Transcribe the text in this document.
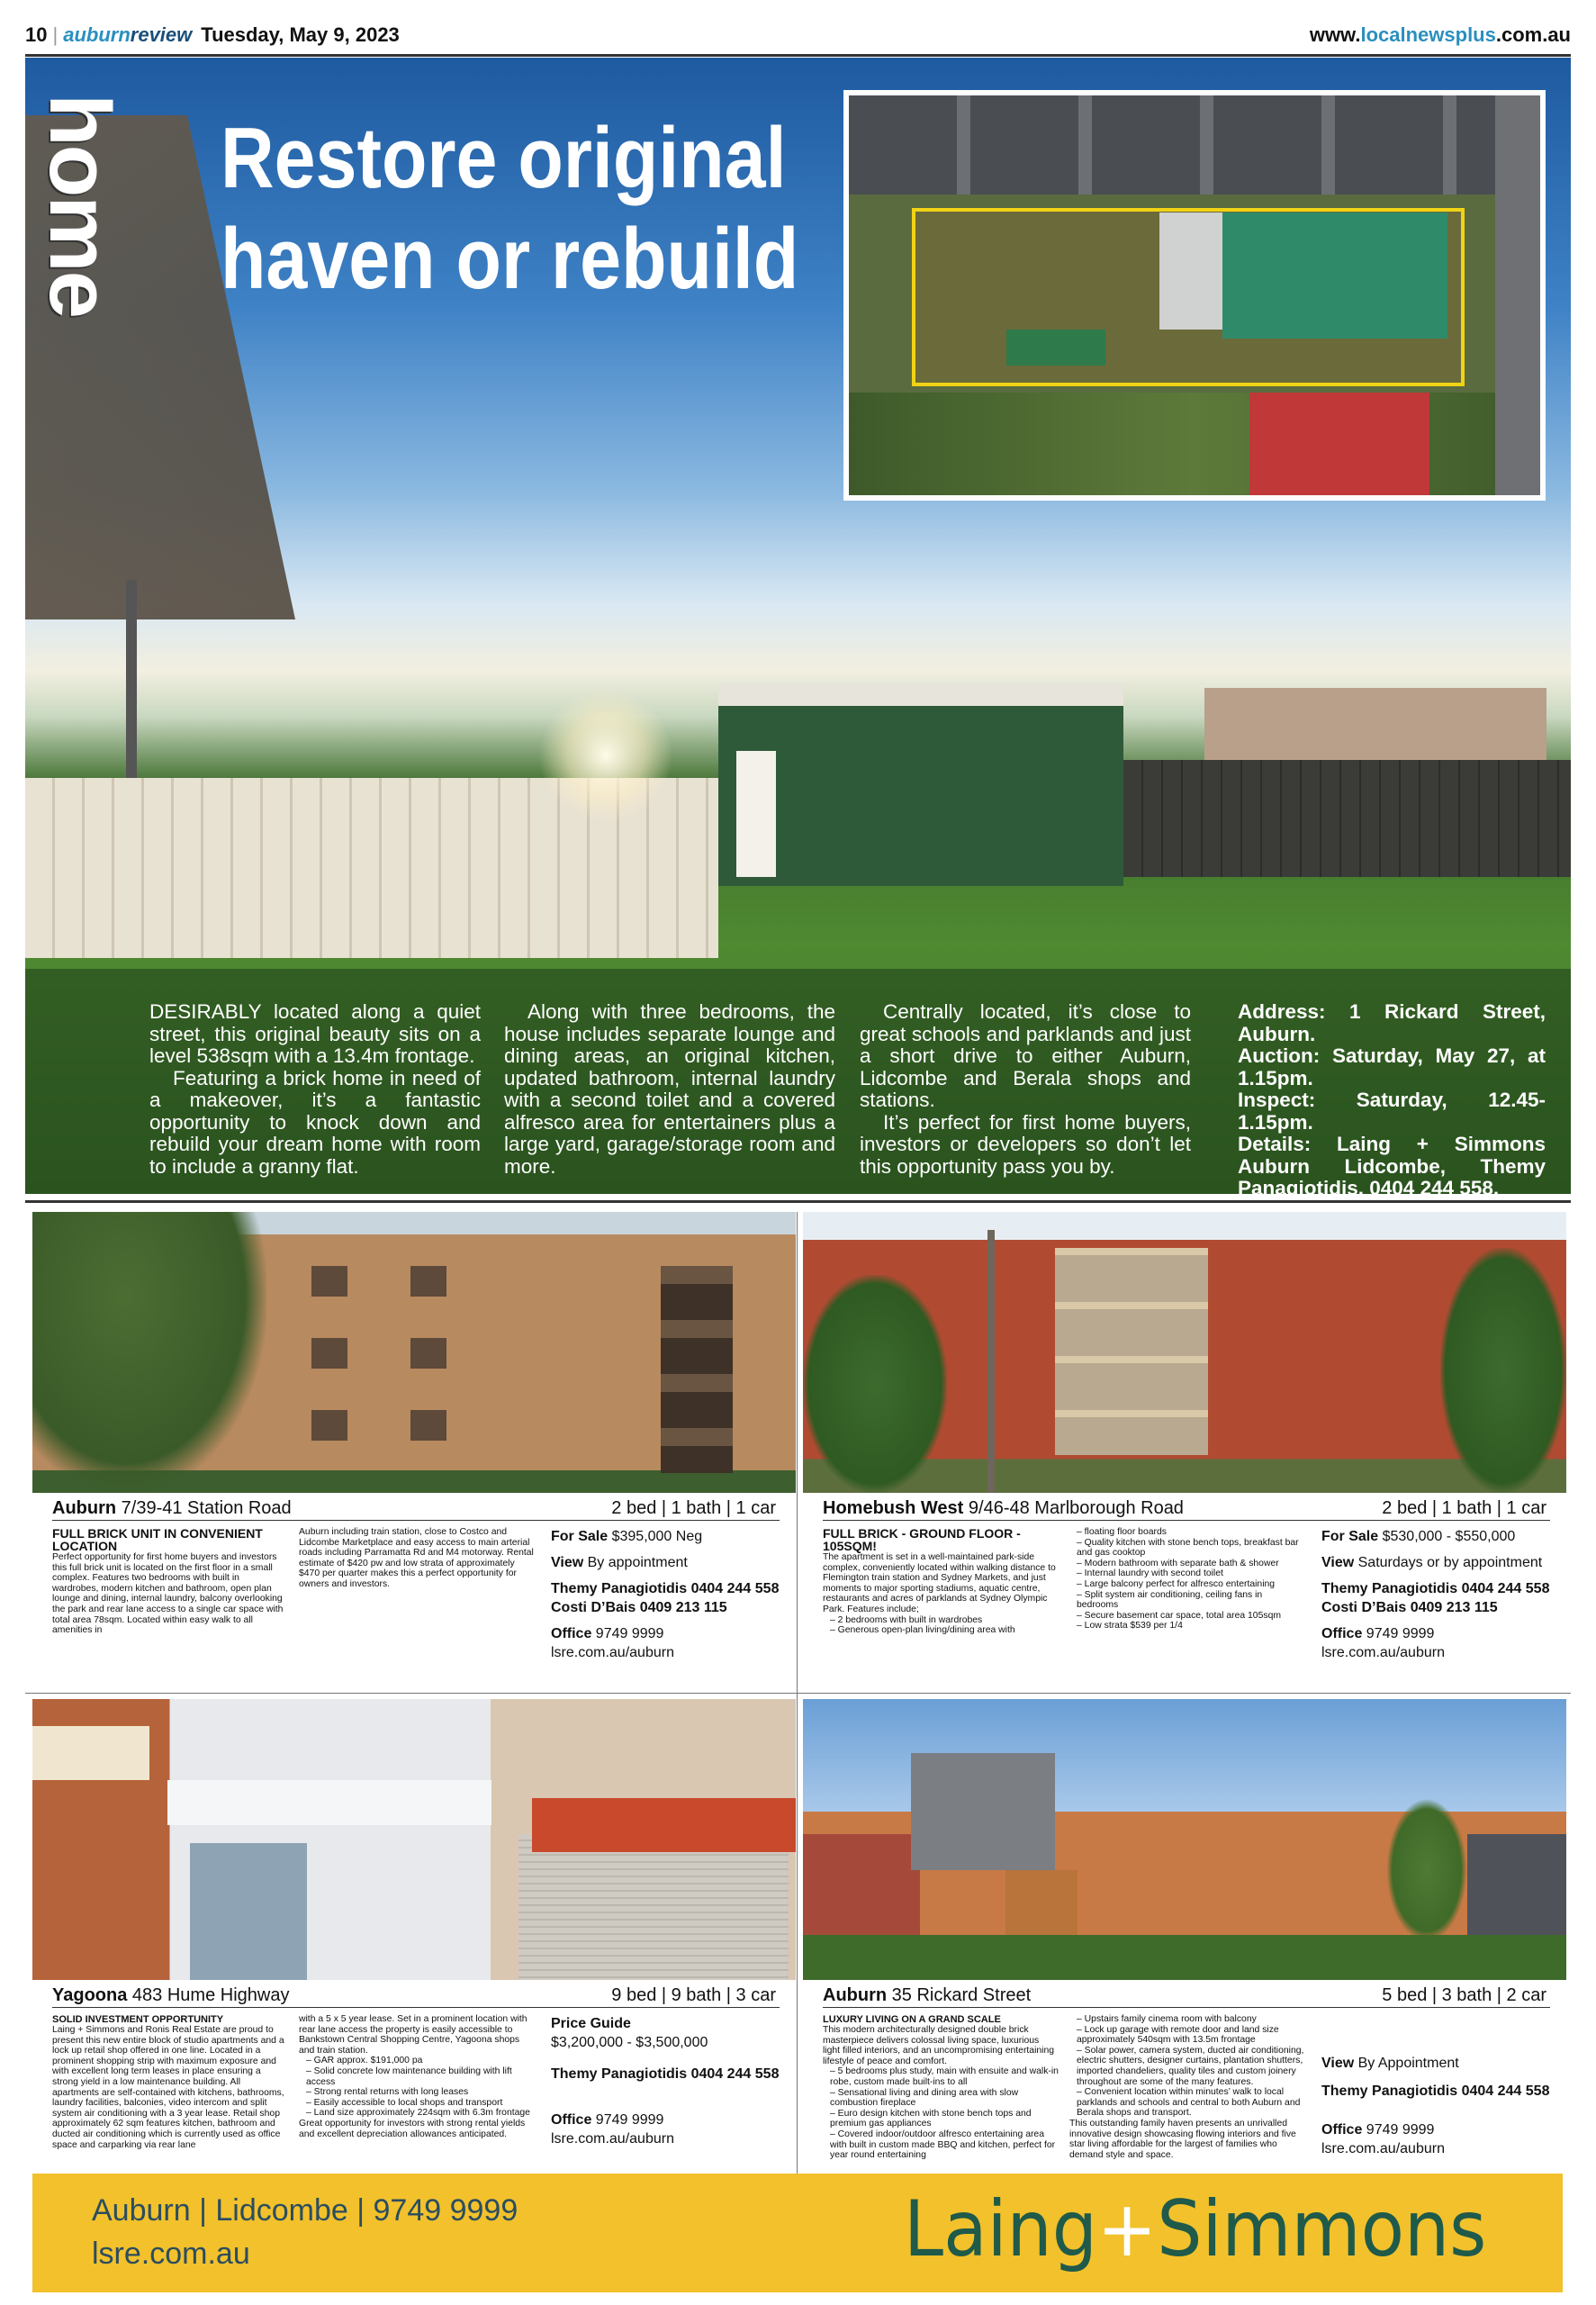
10 | auburnreview Tuesday, May 9, 2023	www.localnewsplus.com.au
home Restore original
haven or rebuild

DESIRABLY located along a quiet street, this original beauty sits on a level 538sqm with a 13.4m frontage.

Featuring a brick home in need of a makeover, it’s a fantastic opportunity to knock down and rebuild your dream home with room to include a granny flat.

Along with three bedrooms, the house includes separate lounge and dining areas, an original kitchen, updated bathroom, internal laundry with a second toilet and a covered alfresco area for entertainers plus a large yard, garage/storage room and more.

Centrally located, it’s close to great schools and parklands and just a short drive to either Auburn, Lidcombe and Berala shops and stations.

It’s perfect for first home buyers, investors or developers so don’t let this opportunity pass you by.

Address: 1 Rickard Street, Auburn.

Auction: Saturday, May 27, at 1.15pm.

Inspect: Saturday, 12.45-1.15pm.

Details: Laing + Simmons Auburn Lidcombe, Themy Panagiotidis, 0404 244 558.

Auburn 7/39-41 Station Road	2 bed | 1 bath | 1 car

FULL BRICK UNIT IN CONVENIENT LOCATION

Perfect opportunity for first home buyers and investors this full brick unit is located on the first floor in a small complex. Features two bedrooms with built in wardrobes, modern kitchen and bathroom, open plan lounge and dining, internal laundry, balcony overlooking the park and rear lane access to a single car space with total area 78sqm. Located within easy walk to all amenities in

Auburn including train station, close to Costco and Lidcombe Marketplace and easy access to main arterial roads including Parramatta Rd and M4 motorway. Rental estimate of $420 pw and low strata of approximately $470 per quarter makes this a perfect opportunity for owners and investors.

For Sale $395,000 Neg

View By appointment

Themy Panagiotidis 0404 244 558

Costi D’Bais 0409 213 115

Office 9749 9999

lsre.com.au/auburn

Homebush West 9/46-48 Marlborough Road	2 bed | 1 bath | 1 car

FULL BRICK - GROUND FLOOR - 105SQM!

The apartment is set in a well-maintained park-side complex, conveniently located within walking distance to Flemington train station and Sydney Markets, and just moments to major sporting stadiums, aquatic centre, restaurants and acres of parklands at Sydney Olympic Park. Features include;

– 2 bedrooms with built in wardrobes
– Generous open-plan living/dining area with
– floating floor boards
– Quality kitchen with stone bench tops, breakfast bar and gas cooktop
– Modern bathroom with separate bath & shower
– Internal laundry with second toilet
– Large balcony perfect for alfresco entertaining
– Split system air conditioning, ceiling fans in bedrooms
– Secure basement car space, total area 105sqm
– Low strata $539 per 1/4

For Sale $530,000 - $550,000

View Saturdays or by appointment

Themy Panagiotidis 0404 244 558

Costi D’Bais 0409 213 115

Office 9749 9999

lsre.com.au/auburn

Yagoona 483 Hume Highway	9 bed | 9 bath | 3 car

SOLID INVESTMENT OPPORTUNITY

Laing + Simmons and Ronis Real Estate are proud to present this new entire block of studio apartments and a lock up retail shop offered in one line. Located in a prominent shopping strip with maximum exposure and with excellent long term leases in place ensuring a strong yield in a low maintenance building. All apartments are self-contained with kitchens, bathrooms, laundry facilities, balconies, video intercom and split system air conditioning with a 3 year lease. Retail shop approximately 62 sqm features kitchen, bathroom and ducted air conditioning which is currently used as office space and carparking via rear lane

with a 5 x 5 year lease. Set in a prominent location with rear lane access the property is easily accessible to Bankstown Central Shopping Centre, Yagoona shops and train station.

– GAR approx. $191,000 pa
– Solid concrete low maintenance building with lift access
– Strong rental returns with long leases
– Easily accessible to local shops and transport
– Land size approximately 224sqm with 6.3m frontage

Great opportunity for investors with strong rental yields and excellent depreciation allowances anticipated.

Price Guide

$3,200,000 - $3,500,000

Themy Panagiotidis 0404 244 558

Office 9749 9999

lsre.com.au/auburn

Auburn 35 Rickard Street	5 bed | 3 bath | 2 car

LUXURY LIVING ON A GRAND SCALE

This modern architecturally designed double brick masterpiece delivers colossal living space, luxurious light filled interiors, and an uncompromising entertaining lifestyle of peace and comfort.

– 5 bedrooms plus study, main with ensuite and walk-in robe, custom made built-ins to all
– Sensational living and dining area with slow combustion fireplace
– Euro design kitchen with stone bench tops and premium gas appliances
– Covered indoor/outdoor alfresco entertaining area with built in custom made BBQ and kitchen, perfect for year round entertaining
– Upstairs family cinema room with balcony
– Lock up garage with remote door and land size approximately 540sqm with 13.5m frontage
– Solar power, camera system, ducted air conditioning, electric shutters, designer curtains, plantation shutters, imported chandeliers, quality tiles and custom joinery throughout are some of the many features.
– Convenient location within minutes’ walk to local parklands and schools and central to both Auburn and Berala shops and transport.

This outstanding family haven presents an unrivalled innovative design showcasing flowing interiors and five star living affordable for the largest of families who demand style and space.

View By Appointment

Themy Panagiotidis 0404 244 558

Office 9749 9999

lsre.com.au/auburn

Auburn | Lidcombe | 9749 9999
lsre.com.au	Laing+Simmons
